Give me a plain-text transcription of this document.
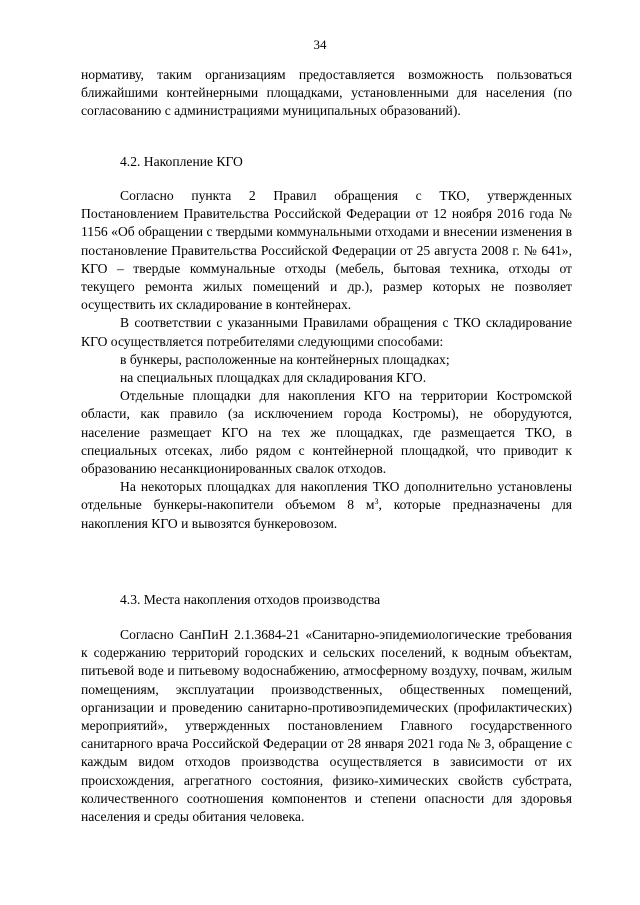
34

нормативу, таким организациям предоставляется возможность пользоваться ближайшими контейнерными площадками, установленными для населения (по согласованию с администрациями муниципальных образований).

4.2. Накопление КГО

Согласно пункта 2 Правил обращения с ТКО, утвержденных Постановлением Правительства Российской Федерации от 12 ноября 2016 года № 1156 «Об обращении с твердыми коммунальными отходами и внесении изменения в постановление Правительства Российской Федерации от 25 августа 2008 г. № 641», КГО – твердые коммунальные отходы (мебель, бытовая техника, отходы от текущего ремонта жилых помещений и др.), размер которых не позволяет осуществить их складирование в контейнерах.

В соответствии с указанными Правилами обращения с ТКО складирование КГО осуществляется потребителями следующими способами:

в бункеры, расположенные на контейнерных площадках;

на специальных площадках для складирования КГО.

Отдельные площадки для накопления КГО на территории Костромской области, как правило (за исключением города Костромы), не оборудуются, население размещает КГО на тех же площадках, где размещается ТКО, в специальных отсеках, либо рядом с контейнерной площадкой, что приводит к образованию несанкционированных свалок отходов.

На некоторых площадках для накопления ТКО дополнительно установлены отдельные бункеры-накопители объемом 8 $м^3$, которые предназначены для накопления КГО и вывозятся бункеровозом.

4.3. Места накопления отходов производства

Согласно СанПиН 2.1.3684-21 «Санитарно-эпидемиологические требования к содержанию территорий городских и сельских поселений, к водным объектам, питьевой воде и питьевому водоснабжению, атмосферному воздуху, почвам, жилым помещениям, эксплуатации производственных, общественных помещений, организации и проведению санитарно-противоэпидемических (профилактических) мероприятий», утвержденных постановлением Главного государственного санитарного врача Российской Федерации от 28 января 2021 года № 3, обращение с каждым видом отходов производства осуществляется в зависимости от их происхождения, агрегатного состояния, физико-химических свойств субстрата, количественного соотношения компонентов и степени опасности для здоровья населения и среды обитания человека.
